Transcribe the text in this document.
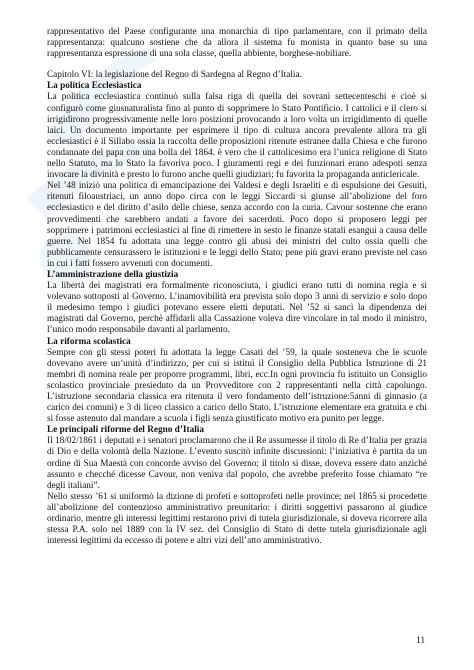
rappresentativo del Paese configurante una monarchia di tipo parlamentare, con il primato della rappresentanza: qualcuno sostiene che da allora il sistema fu monista in quanto base su una rappresentanza espressione di una sola classe, quella abbiente, borghese-nobiliare.

Capitolo VI: la legislazione del Regno di Sardegna al Regno d’Italia.

La politica Ecclesiastica

La politica ecclesiastica continuò sulla falsa riga di quella dei sovrani settecenteschi e cioè si configurò come giusnaturalista fino al punto di sopprimere lo Stato Pontificio. I cattolici e il clero si irrigidirono progressivamente nelle loro posizioni provocando a loro volta un irrigidimento di quelle laici. Un documento importante per esprimere il tipo di cultura ancora prevalente allora tra gli ecclesiastici è il Sillabo ossia la raccolta delle proposizioni ritenute estranee dalla Chiesa e che furono condannate del papa con una bolla del 1864. è vero che il cattolicesimo era l’unica religione di Stato nello Statuto, ma lo Stato la favoriva poco. I giuramenti regi e dei funzionari erano adespoti senza invocare la divinità e presto lo furono anche quelli giudiziari; fu favorita la propaganda anticlericale.

Nel ’48 iniziò una politica di emancipazione dei Valdesi e degli Israeliti e di espulsione dei Gesuiti, ritenuti filoaustriaci, un anno dopo circa con le leggi Siccardi si giunse all’abolizione del foro ecclesiastico e del diritto d’asilo delle chiese, senza accordo con la curia. Cavour sostenne che erano provvedimenti che sarebbero andati a favore dei sacerdoti. Poco dopo si proposero leggi per sopprimere i patrimoni ecclesiastici al fine di rimettere in sesto le finanze statali esangui a causa delle guerre. Nel 1854 fu adottata una legge contro gli abusi dei ministri del culto ossia quelli che pubblicamente censurassero le istituzioni e le leggi dello Stato; pene più gravi erano previste nel caso in cui i fatti fossero avvenuti con documenti.

L’amministrazione della giustizia

La libertà dei magistrati era formalmente riconosciuta, i giudici erano tutti di nomina regia e si volevano sottoposti al Governo. L’inamovibilità era prevista solo dopo 3 anni di servizio e solo dopo il medesimo tempo i giudici potevano essere eletti deputati. Nel ’52 si sancì la dipendenza dei magistrati dal Governo, perchè affidarli alla Cassazione voleva dire vincolare in tal modo il ministro, l’unico modo responsabile davanti al parlamento.

La riforma scolastica

Sempre con gli stessi poteri fu adottata la legge Casati del ’59, la quale sosteneva che le scuole dovevano avere un’unità d’indirizzo, per cui si istituì il Consiglio della Pubblica Istruzione di 21 membri di nomina reale per proporre programmi, libri, ecc.In ogni provincia fu istituito un Consiglio scolastico provinciale presieduto da un Provveditore con 2 rappresentanti nella città capoluogo. L’istruzione secondaria classica era ritenuta il vero fondamento dell’istruzione:5anni di ginnasio (a carico dei comuni) e 3 di liceo classico a carico dello Stato. L’istruzione elementare era gratuita e chi si fosse astenuto dal mandare a scuola i figli senza giustificato motivo era punito per legge.

Le principali riforme del Regno d’Italia

Il 18/02/1861 i deputati e i senatori proclamarono che il Re assumesse il titolo di Re d’Italia per grazia di Dio e della volontà della Nazione. L’evento suscitò infinite discussioni: l’iniziativa è partita da un ordine di Sua Maestà con concorde avviso del Governo; il titolo si disse, doveva essere dato anziché assunto e checché dicesse Cavour, non veniva dal popolo, che avrebbe preferito fosse chiamato “re degli italiani”.

Nello stesso ’61 si uniformò la dizione di profeti e sottoprofeti nelle province; nel 1865 si procedette all’abolizione del contenzioso amministrativo preunitario: i diritti soggettivi passarono al giudice ordinario, mentre gli interessi legittimi restarono privi di tutela giurisdizionale, si doveva ricorrere alla stessa P.A. solo nel 1889 con la IV sez. del Consiglio di Stato di dette tutela giurisdizionale agli interessi legittimi da eccesso di potere e altri vizi dell’atto amministrativo.

11
